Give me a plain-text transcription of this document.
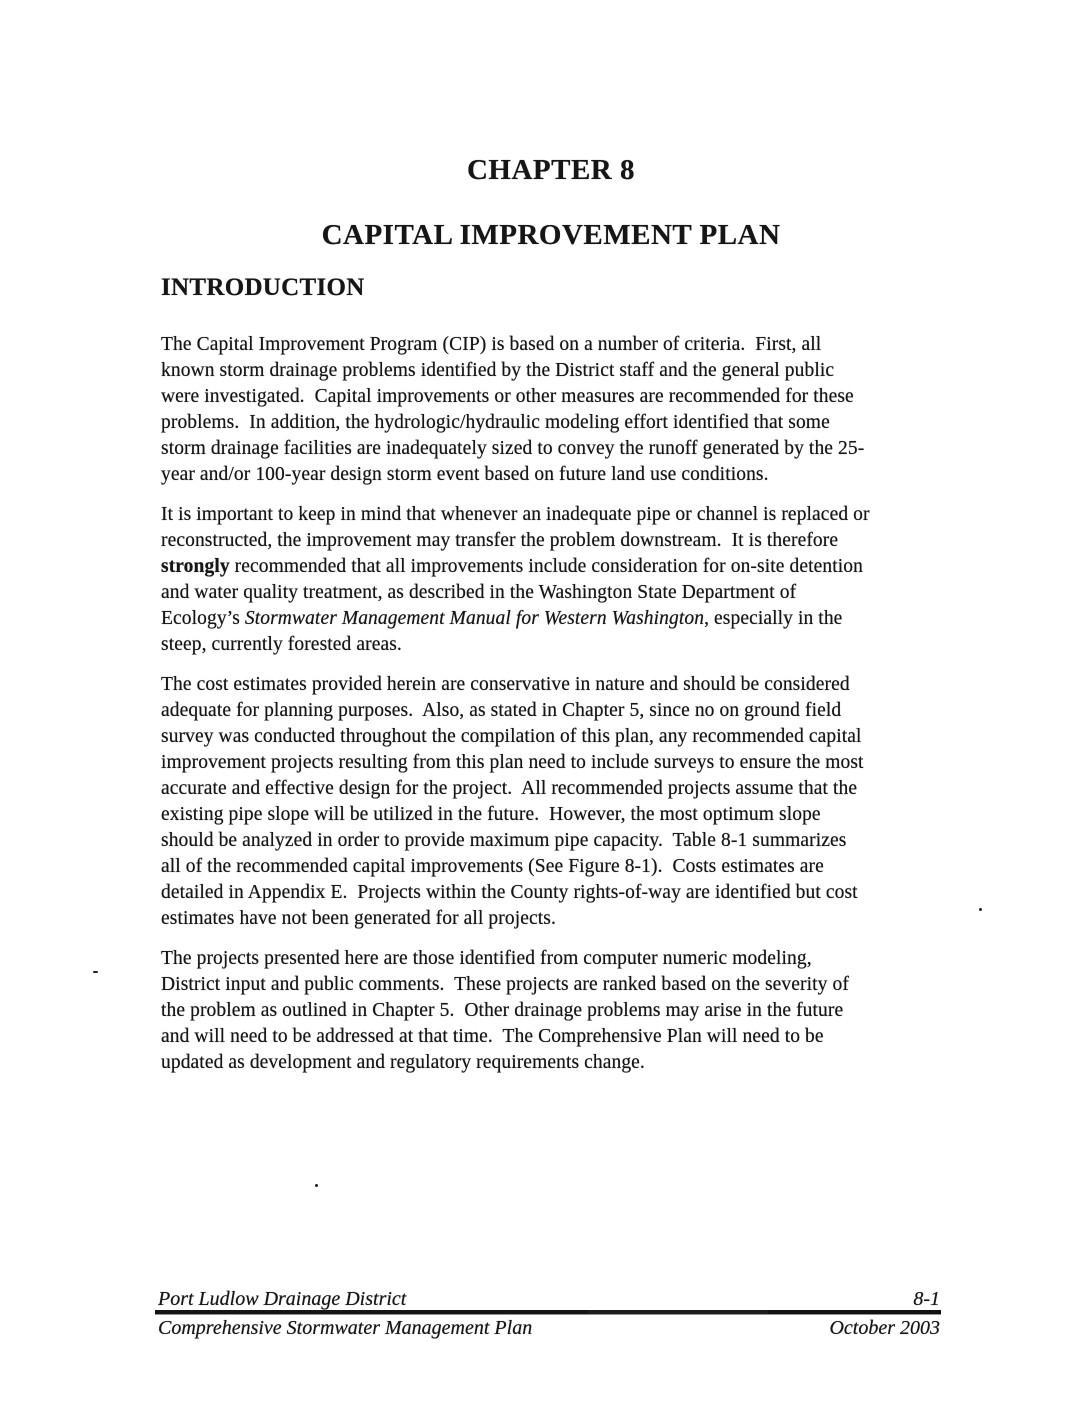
CHAPTER 8
CAPITAL IMPROVEMENT PLAN
INTRODUCTION
The Capital Improvement Program (CIP) is based on a number of criteria.  First, all
known storm drainage problems identified by the District staff and the general public
were investigated.  Capital improvements or other measures are recommended for these
problems.  In addition, the hydrologic/hydraulic modeling effort identified that some
storm drainage facilities are inadequately sized to convey the runoff generated by the 25-
year and/or 100-year design storm event based on future land use conditions.
It is important to keep in mind that whenever an inadequate pipe or channel is replaced or
reconstructed, the improvement may transfer the problem downstream.  It is therefore
strongly recommended that all improvements include consideration for on-site detention
and water quality treatment, as described in the Washington State Department of
Ecology’s Stormwater Management Manual for Western Washington, especially in the
steep, currently forested areas.
The cost estimates provided herein are conservative in nature and should be considered
adequate for planning purposes.  Also, as stated in Chapter 5, since no on ground field
survey was conducted throughout the compilation of this plan, any recommended capital
improvement projects resulting from this plan need to include surveys to ensure the most
accurate and effective design for the project.  All recommended projects assume that the
existing pipe slope will be utilized in the future.  However, the most optimum slope
should be analyzed in order to provide maximum pipe capacity.  Table 8-1 summarizes
all of the recommended capital improvements (See Figure 8-1).  Costs estimates are
detailed in Appendix E.  Projects within the County rights-of-way are identified but cost
estimates have not been generated for all projects.
The projects presented here are those identified from computer numeric modeling,
District input and public comments.  These projects are ranked based on the severity of
the problem as outlined in Chapter 5.  Other drainage problems may arise in the future
and will need to be addressed at that time.  The Comprehensive Plan will need to be
updated as development and regulatory requirements change.
Port Ludlow Drainage District	8-1
Comprehensive Stormwater Management Plan	October 2003
